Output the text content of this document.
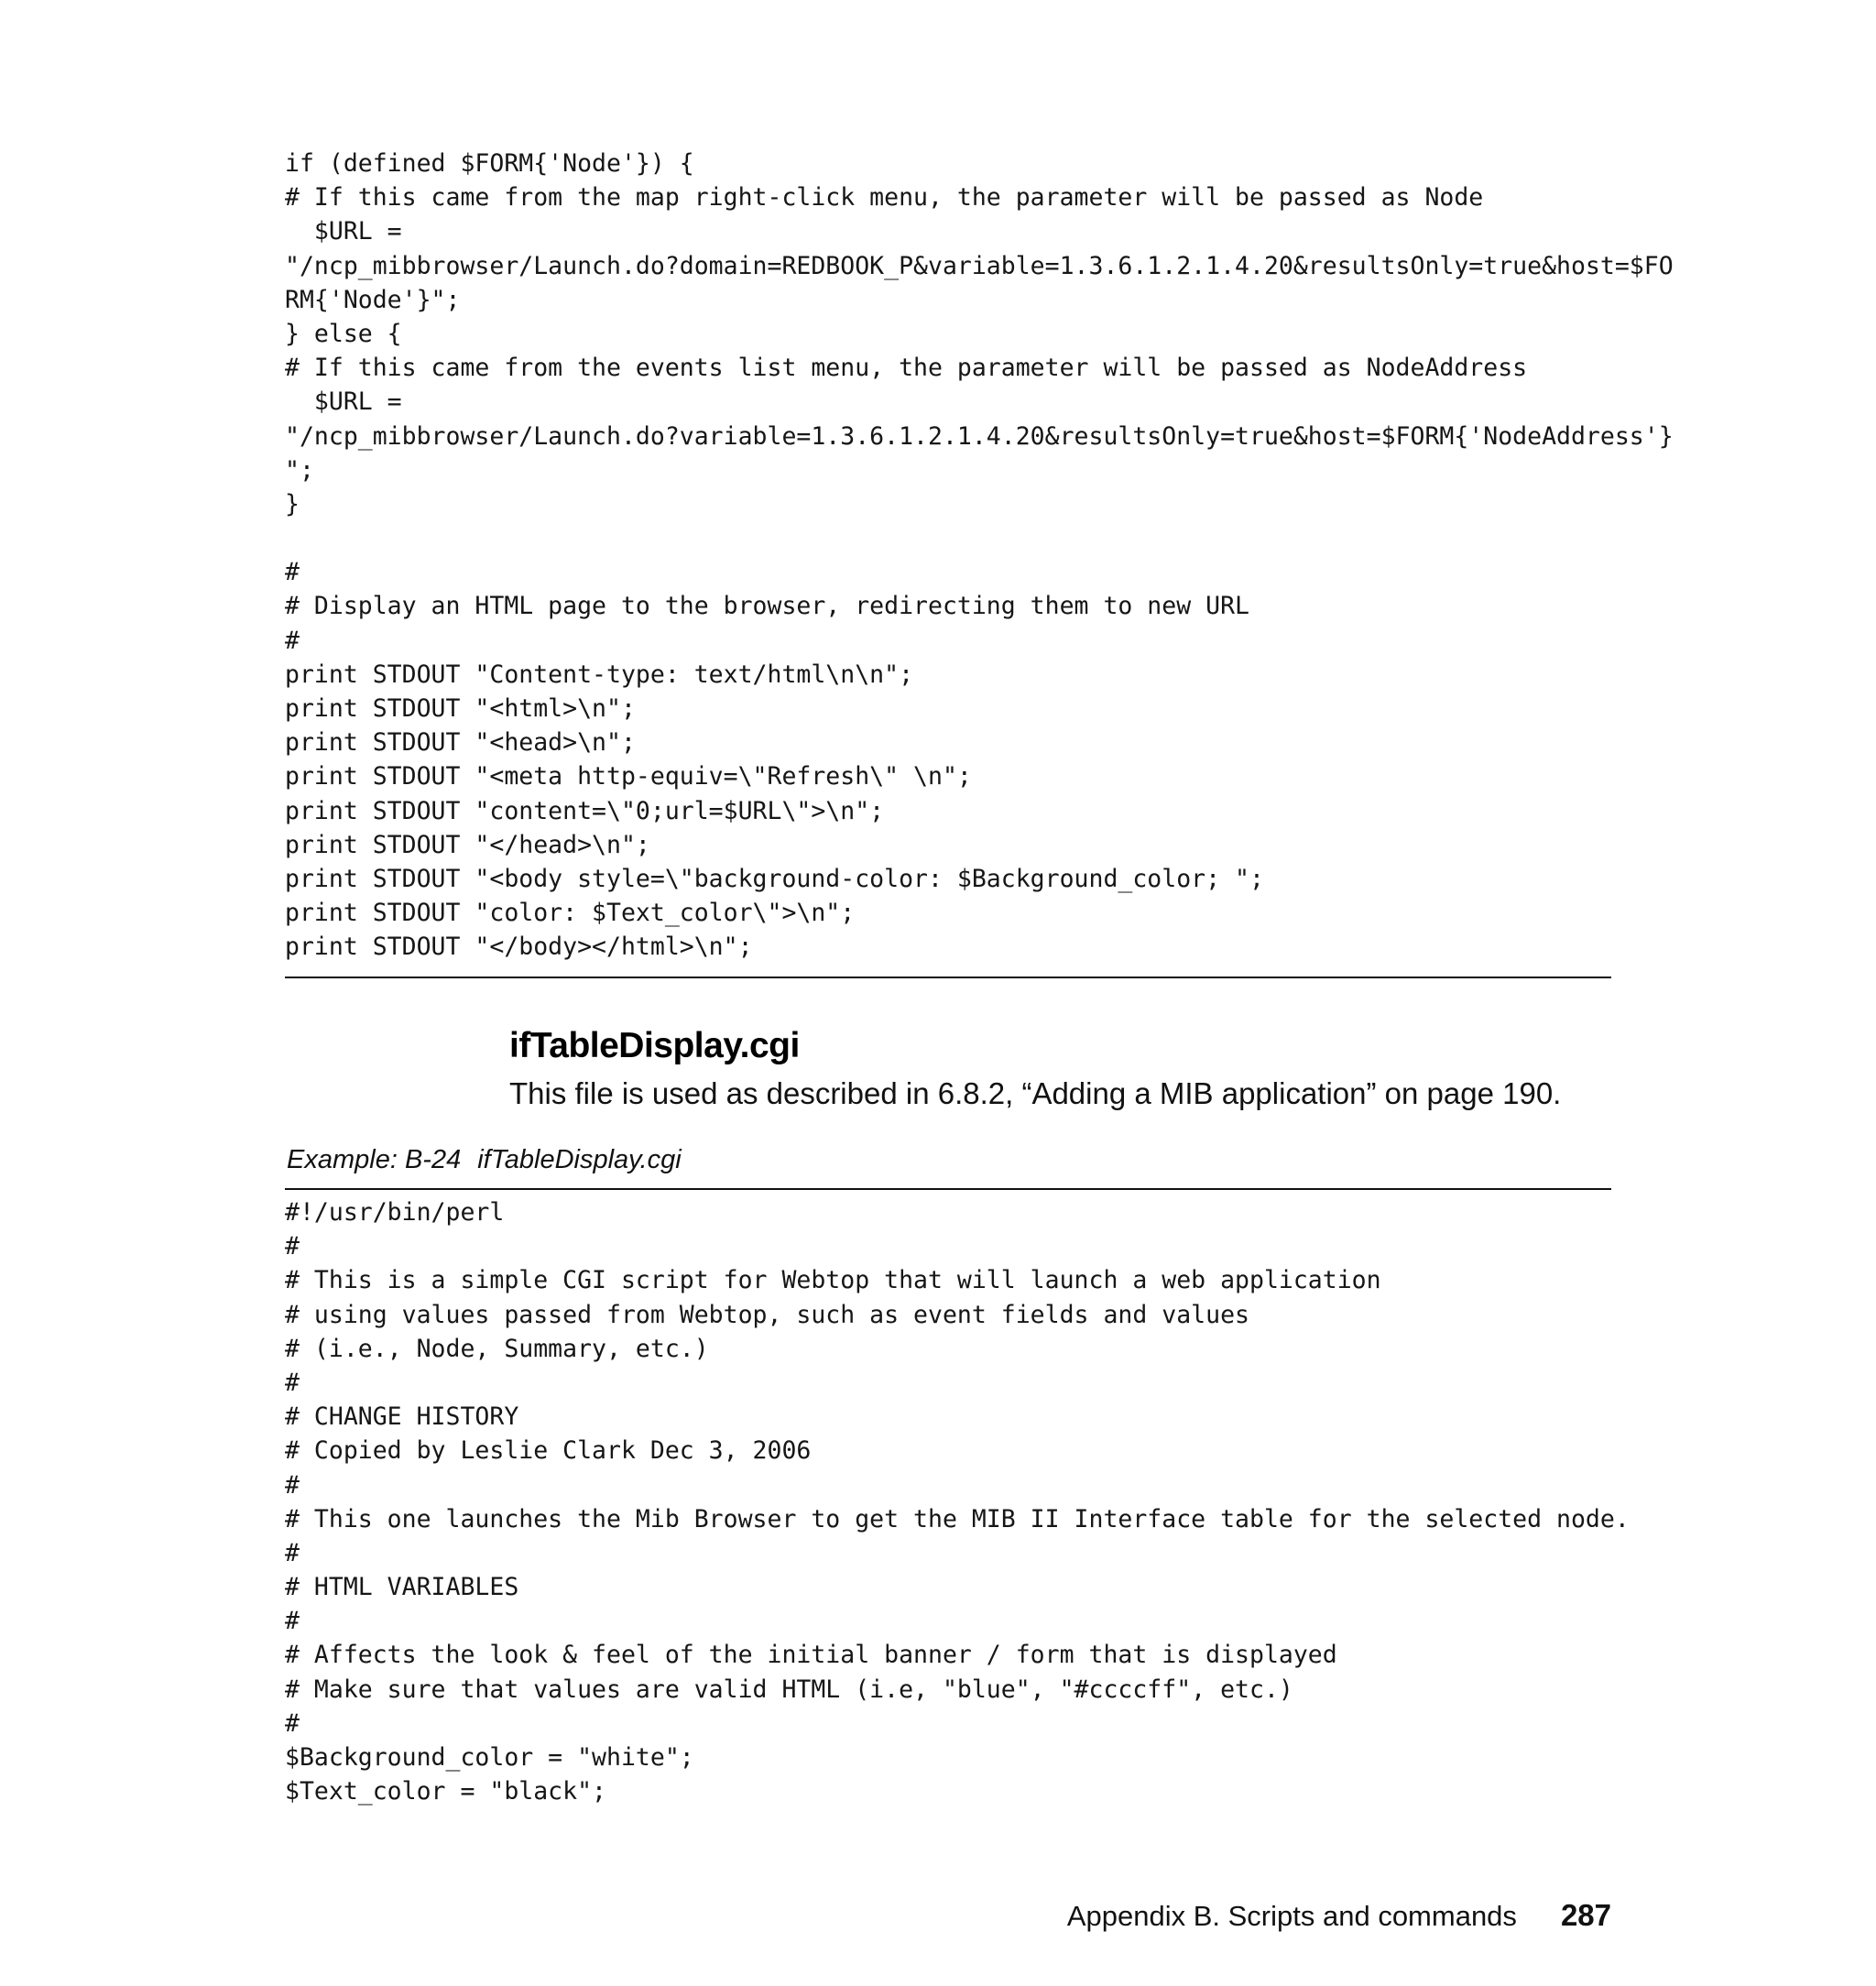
if (defined $FORM{'Node'}) {
# If this came from the map right-click menu, the parameter will be passed as Node
$URL =
"/ncp_mibbrowser/Launch.do?domain=REDBOOK_P&variable=1.3.6.1.2.1.4.20&resultsOnly=true&host=$FO
RM{'Node'}";
} else {
# If this came from the events list menu, the parameter will be passed as NodeAddress
$URL =
"/ncp_mibbrowser/Launch.do?variable=1.3.6.1.2.1.4.20&resultsOnly=true&host=$FORM{'NodeAddress'}
";
}

#
# Display an HTML page to the browser, redirecting them to new URL
#
print STDOUT "Content-type: text/html\n\n";
print STDOUT "<html>\n";
print STDOUT "<head>\n";
print STDOUT "<meta http-equiv=\"Refresh\" \n";
print STDOUT "content=\"0;url=$URL\">\n";
print STDOUT "</head>\n";
print STDOUT "<body style=\"background-color: $Background_color; ";
print STDOUT "color: $Text_color\">\n";
print STDOUT "</body></html>\n";
ifTableDisplay.cgi

This file is used as described in 6.8.2, “Adding a MIB application” on page 190.

Example: B-24 ifTableDisplay.cgi
#!/usr/bin/perl
#
# This is a simple CGI script for Webtop that will launch a web application
# using values passed from Webtop, such as event fields and values
# (i.e., Node, Summary, etc.)
#
# CHANGE HISTORY
# Copied by Leslie Clark Dec 3, 2006
#
# This one launches the Mib Browser to get the MIB II Interface table for the selected node.
#
# HTML VARIABLES
#
# Affects the look & feel of the initial banner / form that is displayed
# Make sure that values are valid HTML (i.e, "blue", "#ccccff", etc.)
#
$Background_color = "white";
$Text_color = "black";
Appendix B. Scripts and commands 287
